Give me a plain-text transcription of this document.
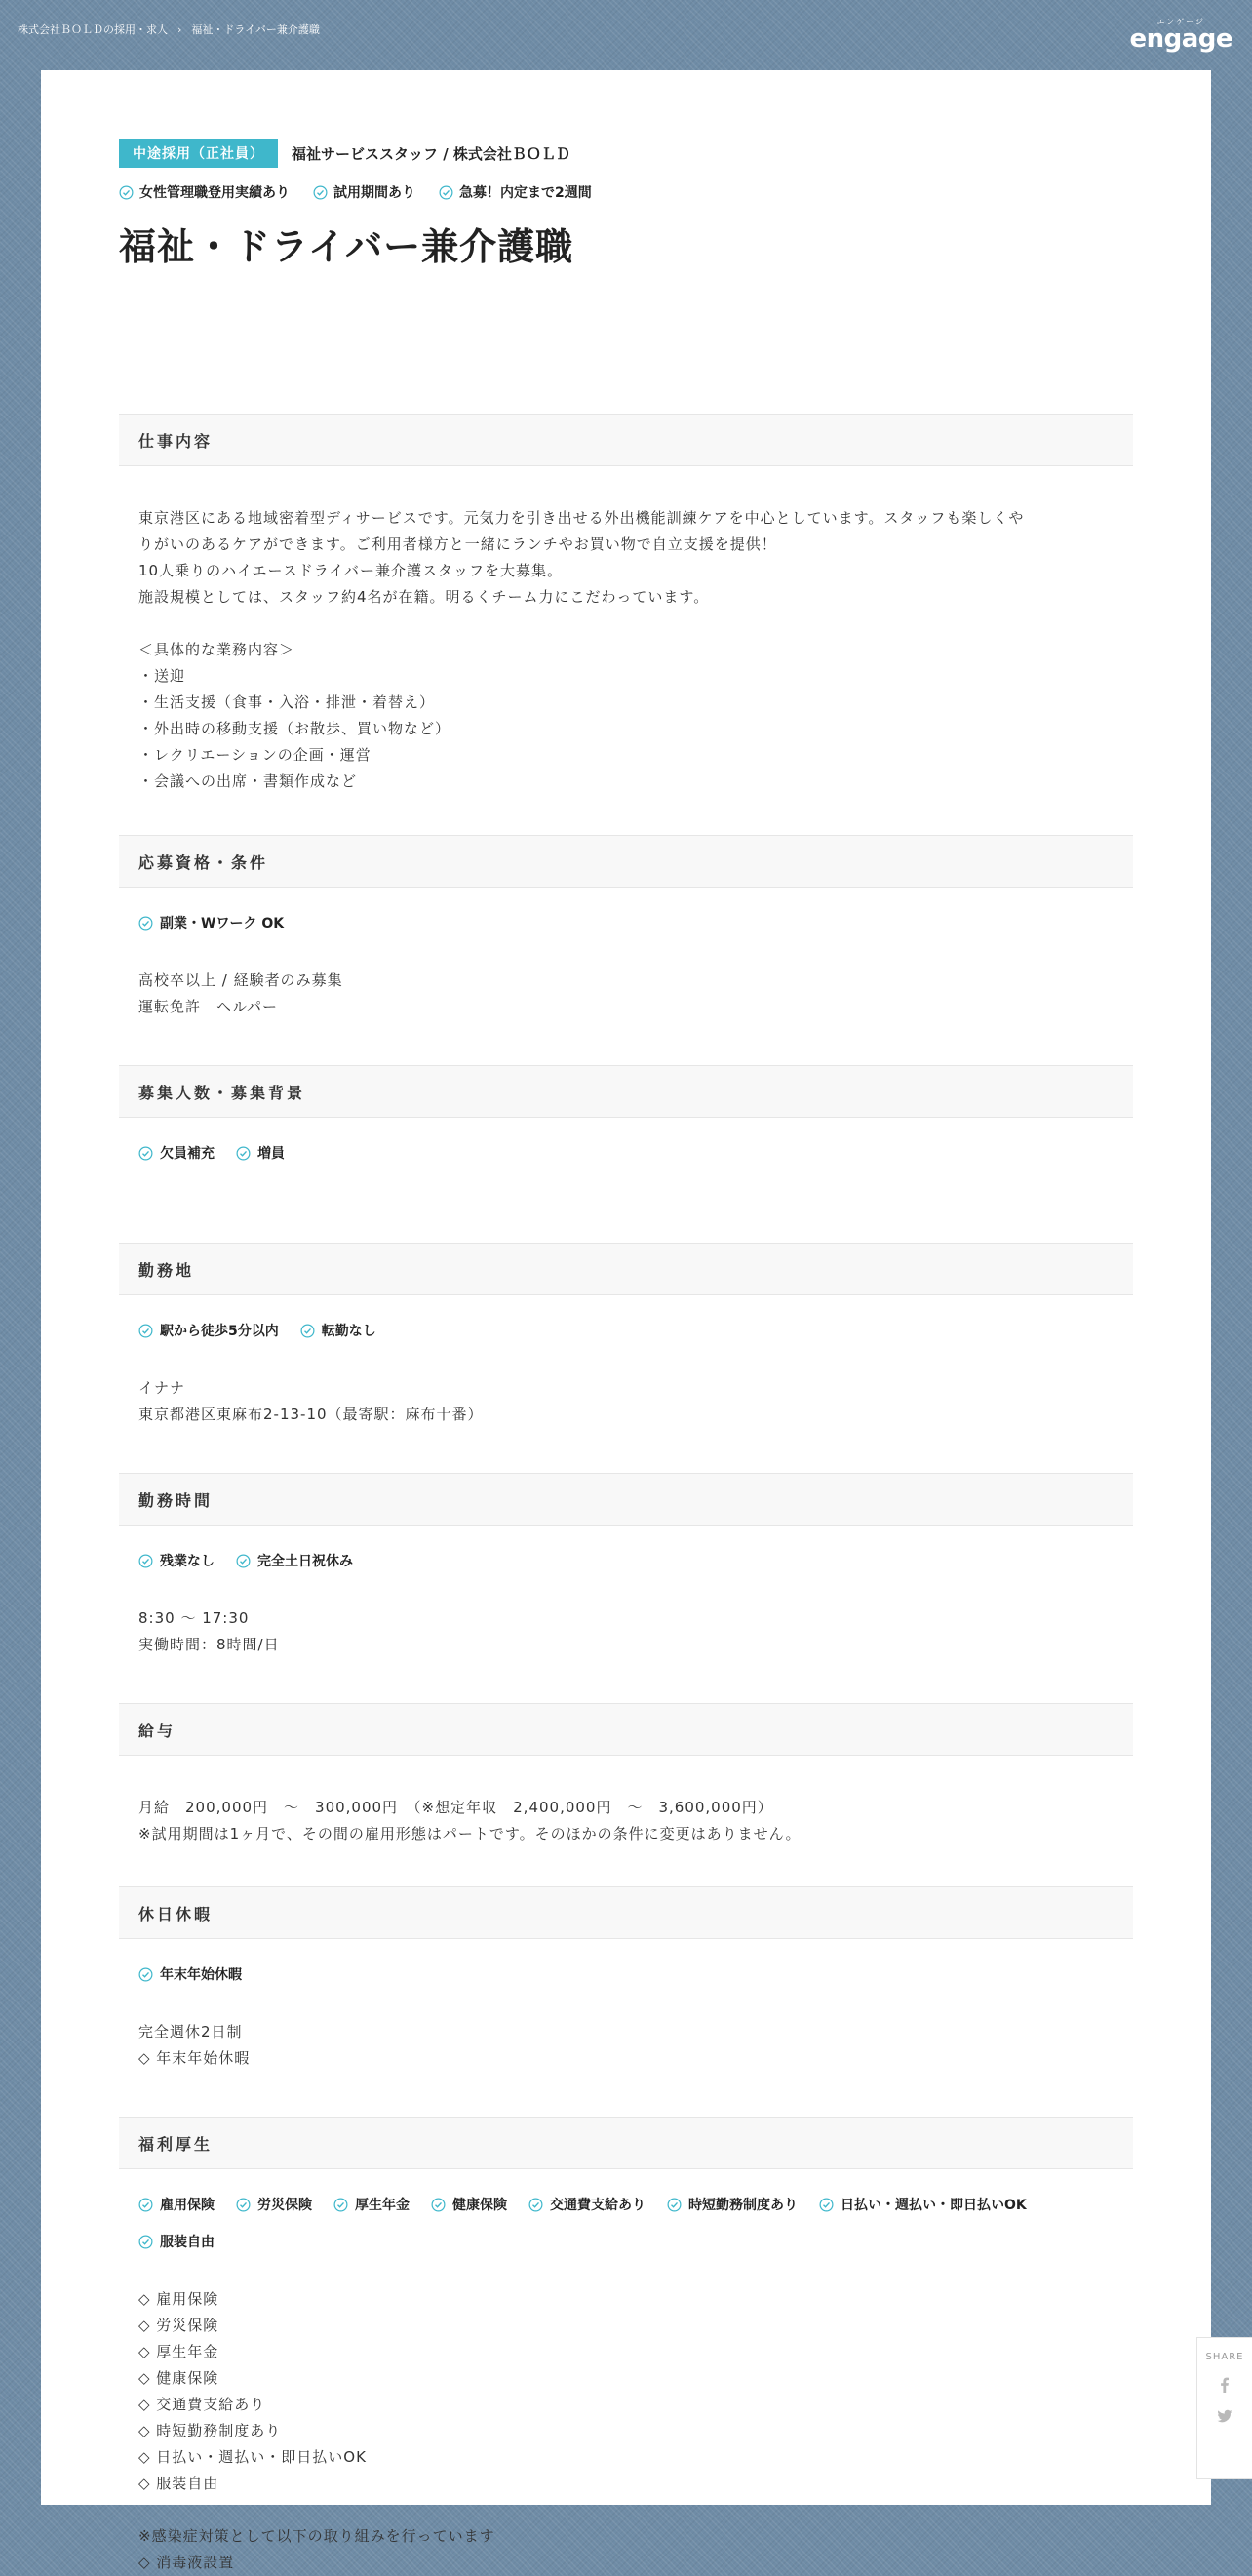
株式会社ＢＯＬＤの採用・求人 › 福祉・ドライバー兼介護職
エンゲージ
engage
中途採用（正社員）	福祉サービススタッフ / 株式会社ＢＯＬＤ
女性管理職登用実績あり	試用期間あり	急募！内定まで2週間
福祉・ドライバー兼介護職
仕事内容
東京港区にある地域密着型ディサービスです。元気力を引き出せる外出機能訓練ケアを中心としています。スタッフも楽しくや
りがいのあるケアができます。ご利用者様方と一緒にランチやお買い物で自立支援を提供！
10人乗りのハイエースドライバー兼介護スタッフを大募集。
施設規模としては、スタッフ約4名が在籍。明るくチーム力にこだわっています。
＜具体的な業務内容＞
・送迎
・生活支援（食事・入浴・排泄・着替え）
・外出時の移動支援（お散歩、買い物など）
・レクリエーションの企画・運営
・会議への出席・書類作成など
応募資格・条件
副業・Wワーク OK
高校卒以上 / 経験者のみ募集
運転免許　ヘルパー
募集人数・募集背景
欠員補充	増員
勤務地
駅から徒歩5分以内	転勤なし
イナナ
東京都港区東麻布2-13-10（最寄駅：麻布十番）
勤務時間
残業なし	完全土日祝休み
8:30 ～ 17:30
実働時間：8時間/日
給与
月給　200,000円　～　300,000円　（※想定年収　2,400,000円　～　3,600,000円）
※試用期間は1ヶ月で、その間の雇用形態はパートです。そのほかの条件に変更はありません。
休日休暇
年末年始休暇
完全週休2日制
◇ 年末年始休暇
福利厚生
雇用保険	労災保険	厚生年金	健康保険	交通費支給あり	時短勤務制度あり	日払い・週払い・即日払いOK
服装自由
◇ 雇用保険
◇ 労災保険
◇ 厚生年金
◇ 健康保険
◇ 交通費支給あり
◇ 時短勤務制度あり
◇ 日払い・週払い・即日払いOK
◇ 服装自由
※感染症対策として以下の取り組みを行っています
◇ 消毒液設置
SHARE
